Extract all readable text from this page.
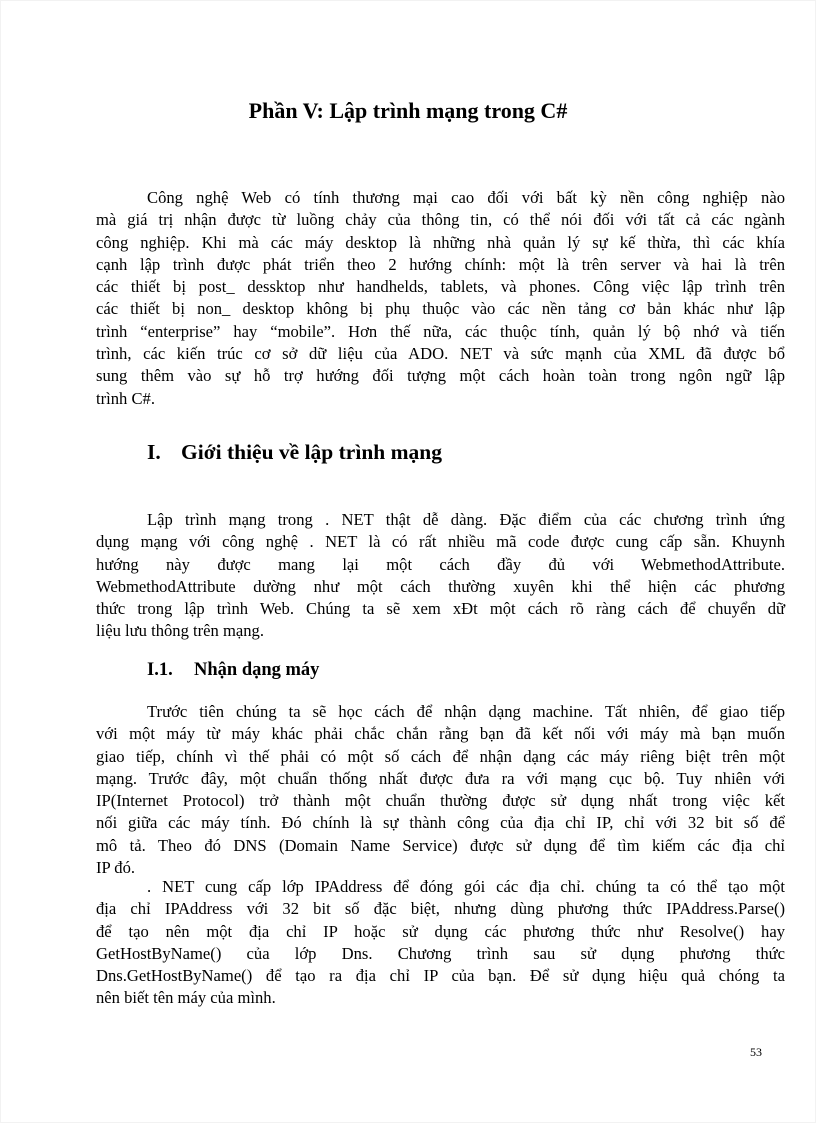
Phần V: Lập trình mạng trong C#
Công nghệ Web có tính thương mại cao đối với bất kỳ nền công nghiệp nào
mà giá trị nhận được từ luồng chảy của thông tin, có thể nói đối với tất cả các ngành
công nghiệp. Khi mà các máy desktop là những nhà quản lý sự kế thừa, thì các khía
cạnh lập trình được phát triển theo 2 hướng chính: một là trên server và hai là trên
các thiết bị post_ dessktop như handhelds, tablets, và phones. Công việc lập trình trên
các thiết bị non_ desktop không bị phụ thuộc vào các nền tảng cơ bản khác như lập
trình “enterprise” hay “mobile”. Hơn thế nữa, các thuộc tính, quản lý bộ nhớ và tiến
trình, các kiến trúc cơ sở dữ liệu của ADO. NET và sức mạnh của XML đã được bổ
sung thêm vào sự hỗ trợ hướng đối tượng một cách hoàn toàn trong ngôn ngữ lập
trình C#.
I. Giới thiệu về lập trình mạng
Lập trình mạng trong . NET thật dễ dàng. Đặc điểm của các chương trình ứng
dụng mạng với công nghệ . NET là có rất nhiều mã code được cung cấp sẵn. Khuynh
hướng này được mang lại một cách đầy đủ với WebmethodAttribute.
WebmethodAttribute dường như một cách thường xuyên khi thể hiện các phương
thức trong lập trình Web. Chúng ta sẽ xem xĐt một cách rõ ràng cách để chuyển dữ
liệu lưu thông trên mạng.
I.1. Nhận dạng máy
Trước tiên chúng ta sẽ học cách để nhận dạng machine. Tất nhiên, để giao tiếp
với một máy từ máy khác phải chắc chắn rằng bạn đã kết nối với máy mà bạn muốn
giao tiếp, chính vì thế phải có một số cách để nhận dạng các máy riêng biệt trên một
mạng. Trước đây, một chuẩn thống nhất được đưa ra với mạng cục bộ. Tuy nhiên với
IP(Internet Protocol) trở thành một chuẩn thường được sử dụng nhất trong việc kết
nối giữa các máy tính. Đó chính là sự thành công của địa chỉ IP, chỉ với 32 bit số để
mô tả. Theo đó DNS (Domain Name Service) được sử dụng để tìm kiếm các địa chỉ
IP đó.
. NET cung cấp lớp IPAddress để đóng gói các địa chỉ. chúng ta có thể tạo một
địa chỉ IPAddress với 32 bit số đặc biệt, nhưng dùng phương thức IPAddress.Parse()
để tạo nên một địa chỉ IP hoặc sử dụng các phương thức như Resolve() hay
GetHostByName() của lớp Dns. Chương trình sau sử dụng phương thức
Dns.GetHostByName() để tạo ra địa chỉ IP của bạn. Để sử dụng hiệu quả chóng ta
nên biết tên máy của mình.
53
